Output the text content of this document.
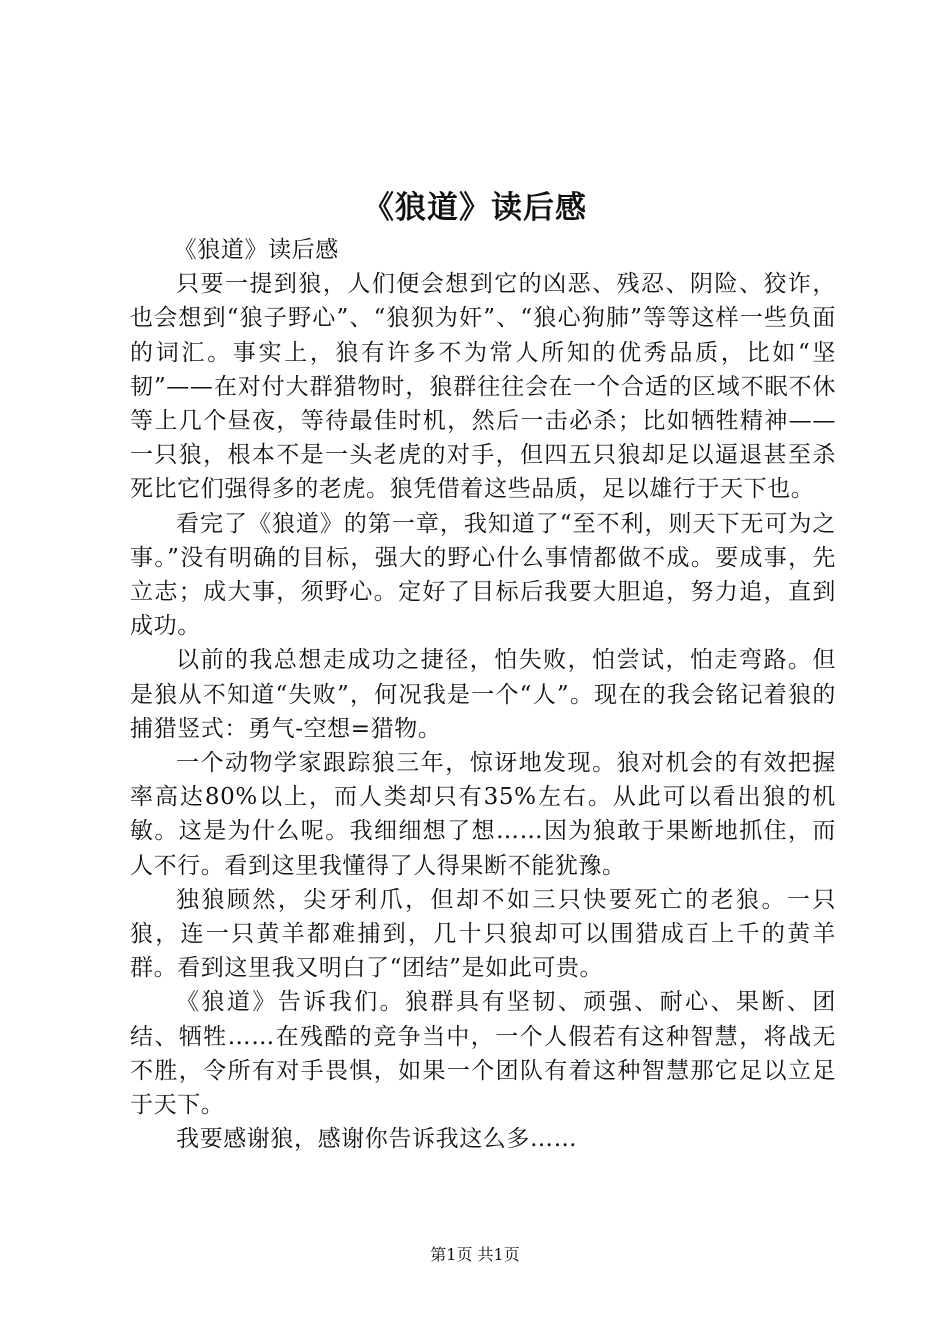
《狼道》读后感
《狼道》读后感

只要一提到狼，人们便会想到它的凶恶、残忍、阴险、狡诈，也会想到“狼子野心”、“狼狈为奸”、“狼心狗肺”等等这样一些负面的词汇。事实上，狼有许多不为常人所知的优秀品质，比如“坚韧”——在对付大群猎物时，狼群往往会在一个合适的区域不眠不休等上几个昼夜，等待最佳时机，然后一击必杀；比如牺牲精神——一只狼，根本不是一头老虎的对手，但四五只狼却足以逼退甚至杀死比它们强得多的老虎。狼凭借着这些品质，足以雄行于天下也。

看完了《狼道》的第一章，我知道了“至不利，则天下无可为之事。”没有明确的目标，强大的野心什么事情都做不成。要成事，先立志；成大事，须野心。定好了目标后我要大胆追，努力追，直到成功。

以前的我总想走成功之捷径，怕失败，怕尝试，怕走弯路。但是狼从不知道“失败”，何况我是一个“人”。现在的我会铭记着狼的捕猎竖式：勇气-空想=猎物。

一个动物学家跟踪狼三年，惊讶地发现。狼对机会的有效把握率高达80%以上，而人类却只有35%左右。从此可以看出狼的机敏。这是为什么呢。我细细想了想……因为狼敢于果断地抓住，而人不行。看到这里我懂得了人得果断不能犹豫。

独狼顾然，尖牙利爪，但却不如三只快要死亡的老狼。一只狼，连一只黄羊都难捕到，几十只狼却可以围猎成百上千的黄羊群。看到这里我又明白了“团结”是如此可贵。

《狼道》告诉我们。狼群具有坚韧、顽强、耐心、果断、团结、牺牲……在残酷的竞争当中，一个人假若有这种智慧，将战无不胜，令所有对手畏惧，如果一个团队有着这种智慧那它足以立足于天下。

我要感谢狼，感谢你告诉我这么多……

第1页 共1页
